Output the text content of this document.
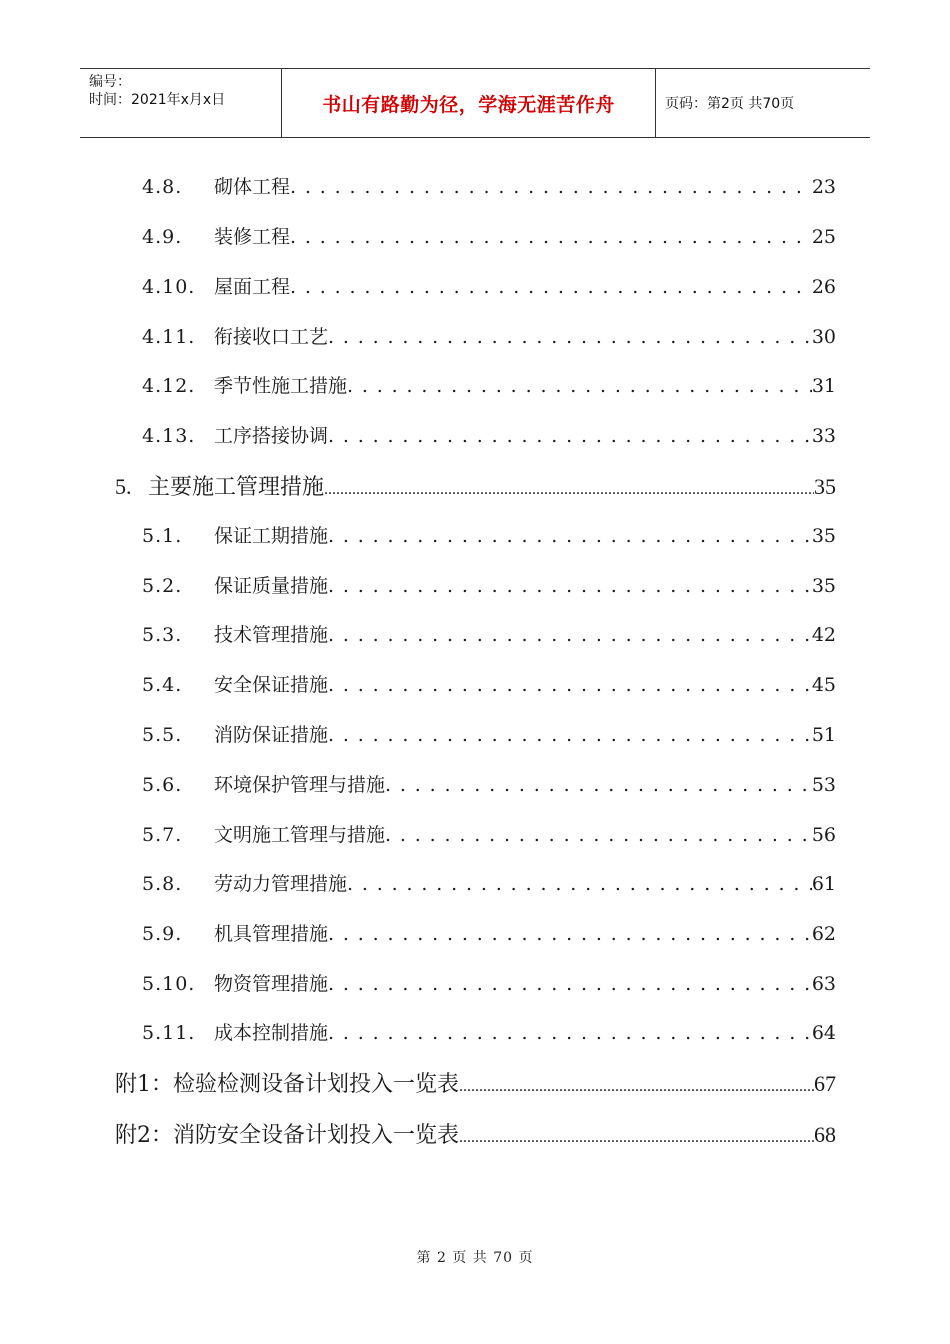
编号：
时间：2021年x月x日	书山有路勤为径，学海无涯苦作舟	页码：第2页 共70页
4.8.	砌体工程 . . .	23
4.9.	装修工程 . . .	25
4.10. 屋面工程 . . .	26
4.11. 衔接收口工艺 . . .	30
4.12. 季节性施工措施 . . .	31
4.13. 工序搭接协调 . . .	33
5. 主要施工管理措施 .....	35
5.1.	保证工期措施 . . .	35
5.2.	保证质量措施 . . .	35
5.3.	技术管理措施 . . .	42
5.4.	安全保证措施 . . .	45
5.5.	消防保证措施 . . .	51
5.6.	环境保护管理与措施 . . .	53
5.7.	文明施工管理与措施 . . .	56
5.8.	劳动力管理措施 . . .	61
5.9.	机具管理措施 . . .	62
5.10. 物资管理措施 . . .	63
5.11. 成本控制措施 . . .	64
附1：检验检测设备计划投入一览表 .....	67
附2：消防安全设备计划投入一览表 .....	68
第 2 页 共 70 页
